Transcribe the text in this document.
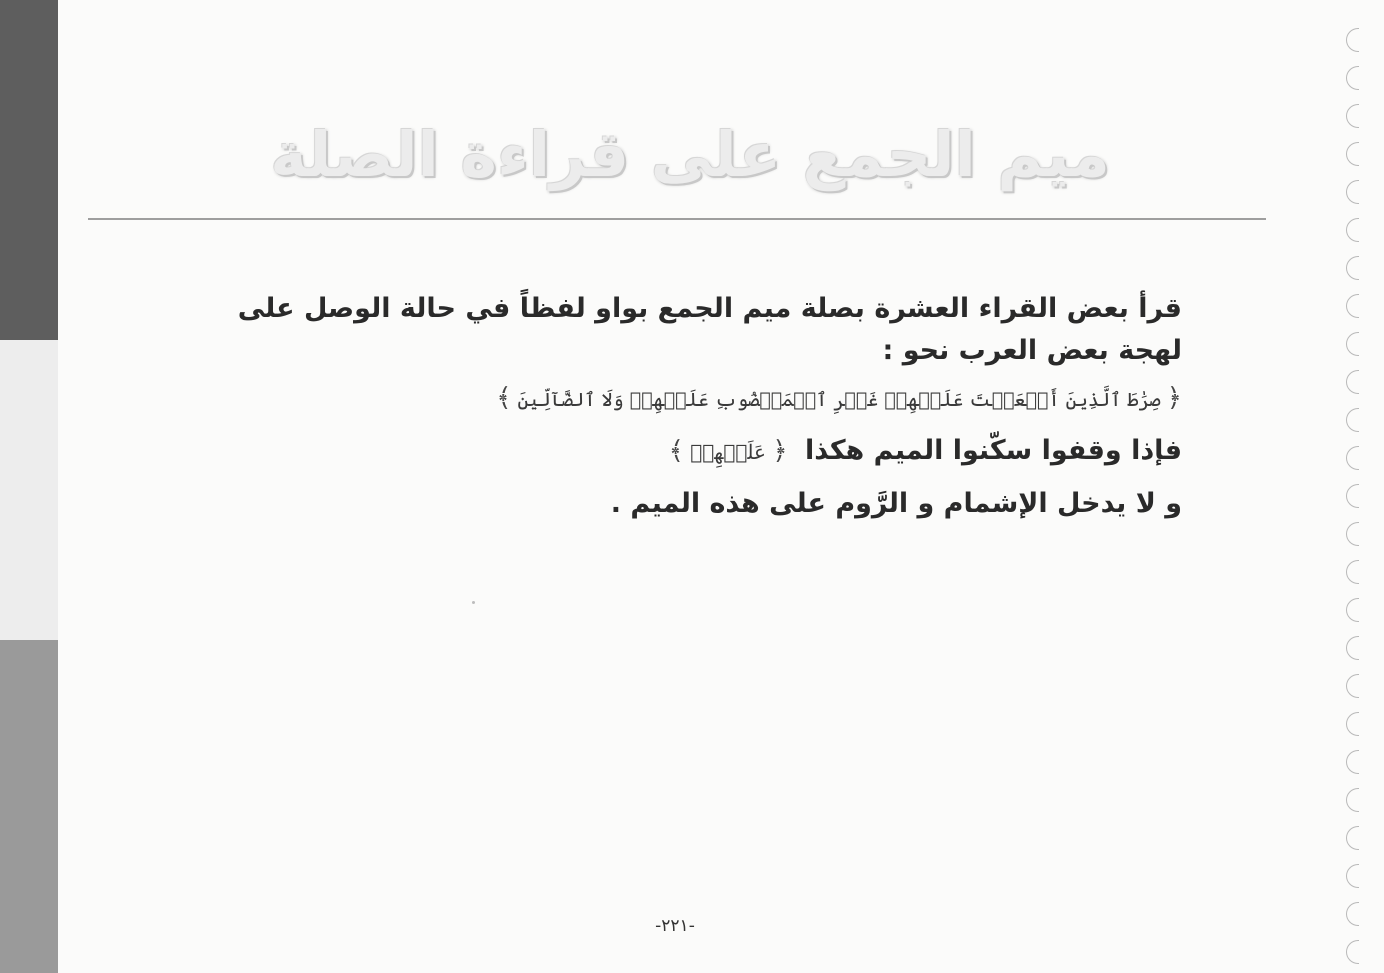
ميم الجمع على قراءة الصلة

قرأ بعض القراء العشرة بصلة ميم الجمع بواو لفظاً في حالة الوصل على لهجة بعض العرب نحو :

﴿ صِرَٰطَ ٱلَّذِينَ أَنۡعَمۡتَ عَلَيۡهِمۡ غَيۡرِ ٱلۡمَغۡضُوبِ عَلَيۡهِمۡ وَلَا ٱلضَّآلِّينَ ﴾
فإذا وقفوا سكّنوا الميم هكذا ﴿ عَلَيۡهِمۡ ﴾
و لا يدخل الإشمام و الرَّوم على هذه الميم .
-٢٢١-
